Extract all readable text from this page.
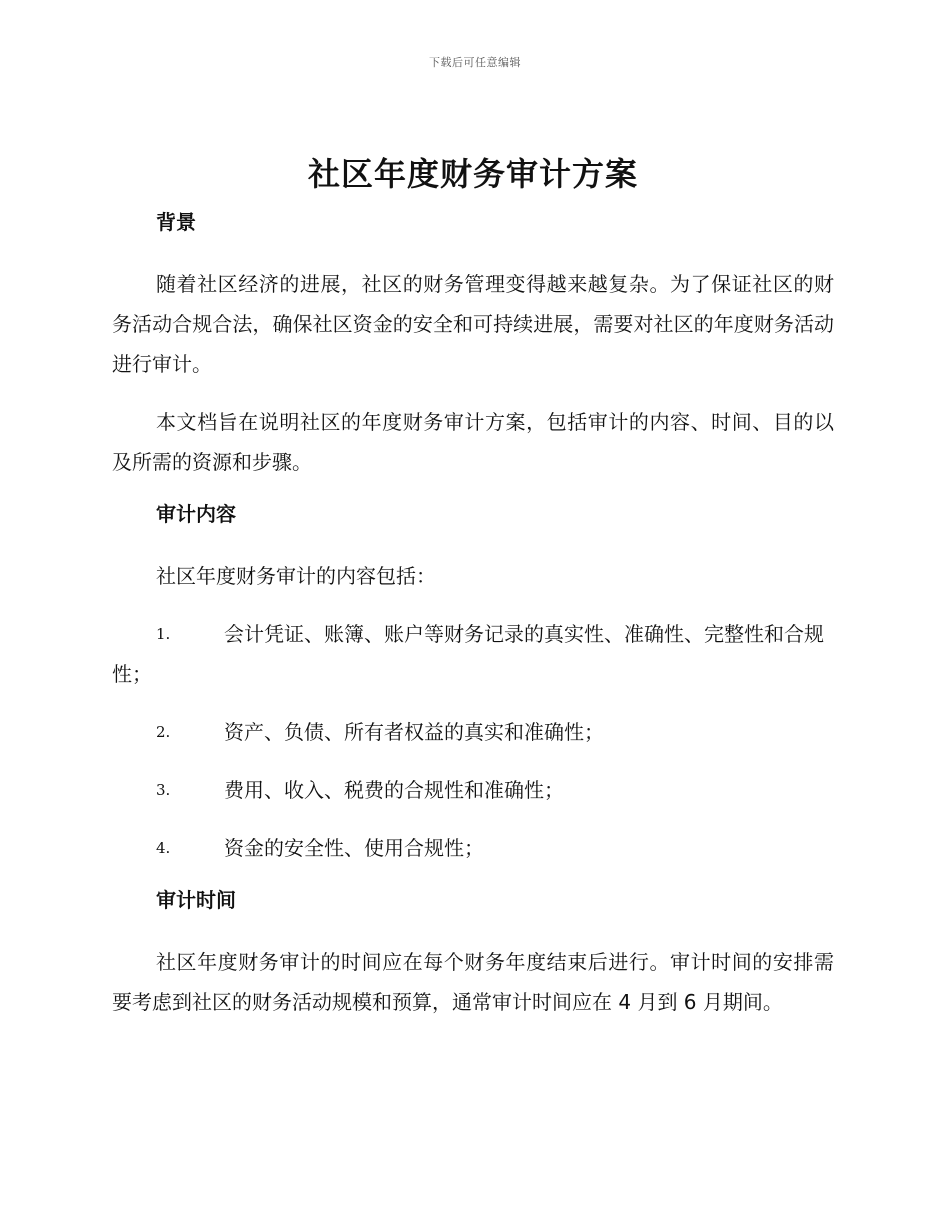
下载后可任意编辑
社区年度财务审计方案
背景

随着社区经济的进展，社区的财务管理变得越来越复杂。为了保证社区的财务活动合规合法，确保社区资金的安全和可持续进展，需要对社区的年度财务活动进行审计。

本文档旨在说明社区的年度财务审计方案，包括审计的内容、时间、目的以及所需的资源和步骤。

审计内容

社区年度财务审计的内容包括：

1.	会计凭证、账簿、账户等财务记录的真实性、准确性、完整性和合规性；

2.	资产、负债、所有者权益的真实和准确性；

3.	费用、收入、税费的合规性和准确性；

4.	资金的安全性、使用合规性；

审计时间

社区年度财务审计的时间应在每个财务年度结束后进行。审计时间的安排需要考虑到社区的财务活动规模和预算，通常审计时间应在 4 月到 6 月期间。
